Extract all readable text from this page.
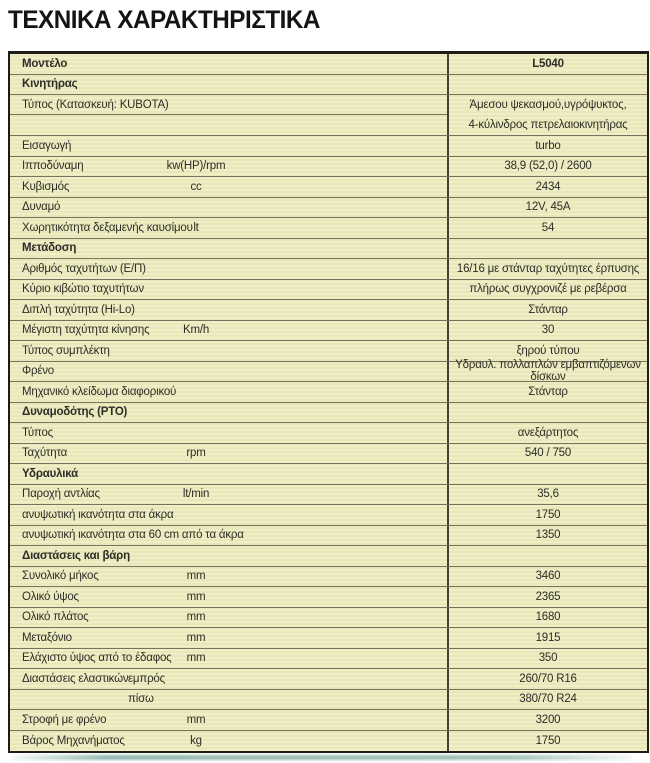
ΤΕΧΝΙΚΑ ΧΑΡΑΚΤΗΡΙΣΤΙΚΑ
Μοντέλο	L5040
Κινητήρας
Τύπος (Κατασκευή: KUBOTA)	Άμεσου ψεκασμού,υγρόψυκτος,
4-κύλινδρος πετρελαιοκινητήρας
Εισαγωγή	turbo
Ιπποδύναμη	kw(HP)/rpm	38,9 (52,0) / 2600
Κυβισμός	cc	2434
Δυναμό	12V, 45A
Χωρητικότητα δεξαμενής καυσίμου lt	54
Μετάδοση
Αριθμός ταχυτήτων (Ε/Π)	16/16 με στάνταρ ταχύτητες έρπυσης
Κύριο κιβώτιο ταχυτήτων	πλήρως συγχρονιζέ με ρεβέρσα
Διπλή ταχύτητα (Hi-Lo)	Στάνταρ
Μέγιστη ταχύτητα κίνησης	Km/h	30
Τύπος συμπλέκτη	ξηρού τύπου
Φρένο	Υδραυλ. πολλαπλών εμβαπτιζόμενων δίσκων
Μηχανικό κλείδωμα διαφορικού	Στάνταρ
Δυναμοδότης (PTO)
Τύπος	ανεξάρτητος
Ταχύτητα	rpm	540 / 750
Υδραυλικά
Παροχή αντλίας	lt/min	35,6
ανυψωτική ικανότητα στα άκρα	1750
ανυψωτική ικανότητα στα 60 cm από τα άκρα	1350
Διαστάσεις και βάρη
Συνολικό μήκος	mm	3460
Ολικό ύψος	mm	2365
Ολικό πλάτος	mm	1680
Μεταξόνιο	mm	1915
Ελάχιστο ύψος από το έδαφος	mm	350
Διαστάσεις ελαστικών εμπρός	260/70 R16
πίσω	380/70 R24
Στροφή με φρένο	mm	3200
Βάρος Μηχανήματος	kg	1750
